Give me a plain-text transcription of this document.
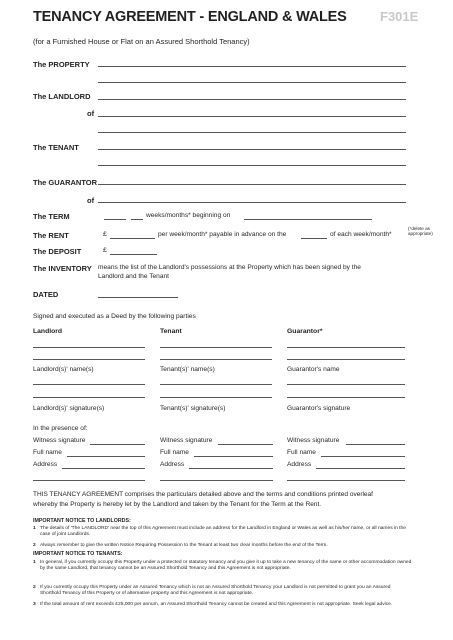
TENANCY AGREEMENT - ENGLAND & WALES	F301E
(for a Furnished House or Flat on an Assured Shorthold Tenancy)
The PROPERTY
The LANDLORD
of
The TENANT
The GUARANTOR
of
The TERM	weeks/months* beginning on
The RENT	£	per week/month* payable in advance on the	of each week/month*
(*delete as appropriate)
The DEPOSIT	£
The INVENTORY means the list of the Landlord's possessions at the Property which has been signed by the
Landlord and the Tenant
DATED
Signed and executed as a Deed by the following parties
Landlord	Tenant	Guarantor*
Landlord(s)' name(s)	Tenant(s)' name(s)	Guarantor's name
Landlord(s)' signature(s)	Tenant(s)' signature(s)	Guarantor's signature
In the presence of:
Witness signature	Witness signature	Witness signature
Full name	Full name	Full name
Address	Address	Address
THIS TENANCY AGREEMENT comprises the particulars detailed above and the terms and conditions printed overleaf
whereby the Property is hereby let by the Landlord and taken by the Tenant for the Term at the Rent.
IMPORTANT NOTICE TO LANDLORDS:
1 The details of 'The LANDLORD' near the top of this Agreement must include an address for the Landlord in England or Wales as well as his/her name, or all names in the case of joint Landlords.
2 Always remember to give the written Notice Requiring Possession to the Tenant at least two clear months before the end of the Term.
IMPORTANT NOTICE TO TENANTS:
1 In general, if you currently occupy this Property under a protected or statutory tenancy and you give it up to take a new tenancy of the same or other accommodation owned by the same Landlord, that tenancy cannot be an Assured Shorthold Tenancy and this Agreement is not appropriate.
2 If you currently occupy this Property under an Assured Tenancy which is not an Assured Shorthold Tenancy your Landlord is not permitted to grant you an Assured Shorthold Tenancy of this Property or of alternative property and this Agreement is not appropriate.
3 If the total amount of rent exceeds £25,000 per annum, an Assured Shorthold Tenancy cannot be created and this Agreement is not appropriate. Seek legal advice.
